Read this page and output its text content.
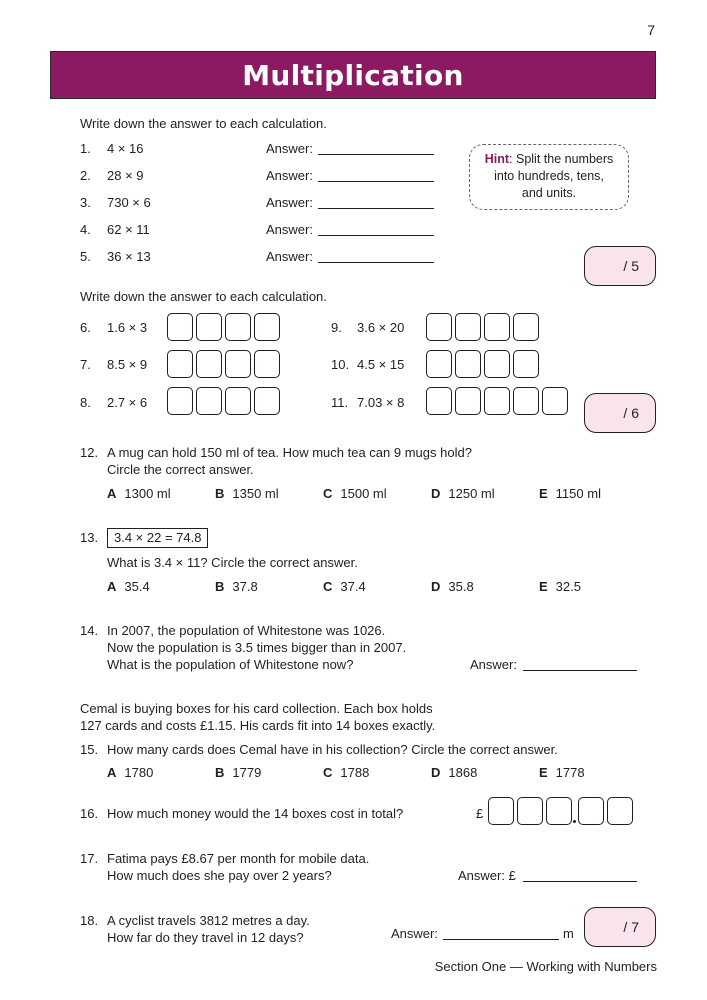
7
Multiplication
Write down the answer to each calculation.
1. 4 × 16	Answer:
2. 28 × 9	Answer:
3. 730 × 6	Answer:
4. 62 × 11	Answer:
5. 36 × 13	Answer:
Hint: Split the numbers
into hundreds, tens,
and units.
/ 5
Write down the answer to each calculation.
6. 1.6 × 3	9. 3.6 × 20
7. 8.5 × 9	10. 4.5 × 15
8. 2.7 × 6	11. 7.03 × 8
/ 6
12. A mug can hold 150 ml of tea. How much tea can 9 mugs hold?
Circle the correct answer.
A 1300 ml	B 1350 ml	C 1500 ml	D 1250 ml	E 1150 ml
13.	3.4 × 22 = 74.8
What is 3.4 × 11? Circle the correct answer.
A 35.4	B 37.8	C 37.4	D 35.8	E 32.5
14. In 2007, the population of Whitestone was 1026.
Now the population is 3.5 times bigger than in 2007.
What is the population of Whitestone now?	Answer:
Cemal is buying boxes for his card collection. Each box holds
127 cards and costs £1.15. His cards fit into 14 boxes exactly.
15. How many cards does Cemal have in his collection? Circle the correct answer.
A 1780	B 1779	C 1788	D 1868	E 1778
16. How much money would the 14 boxes cost in total?	£
17. Fatima pays £8.67 per month for mobile data.
How much does she pay over 2 years?	Answer: £
18. A cyclist travels 3812 metres a day.
How far do they travel in 12 days?	Answer:	m	/ 7
Section One — Working with Numbers
